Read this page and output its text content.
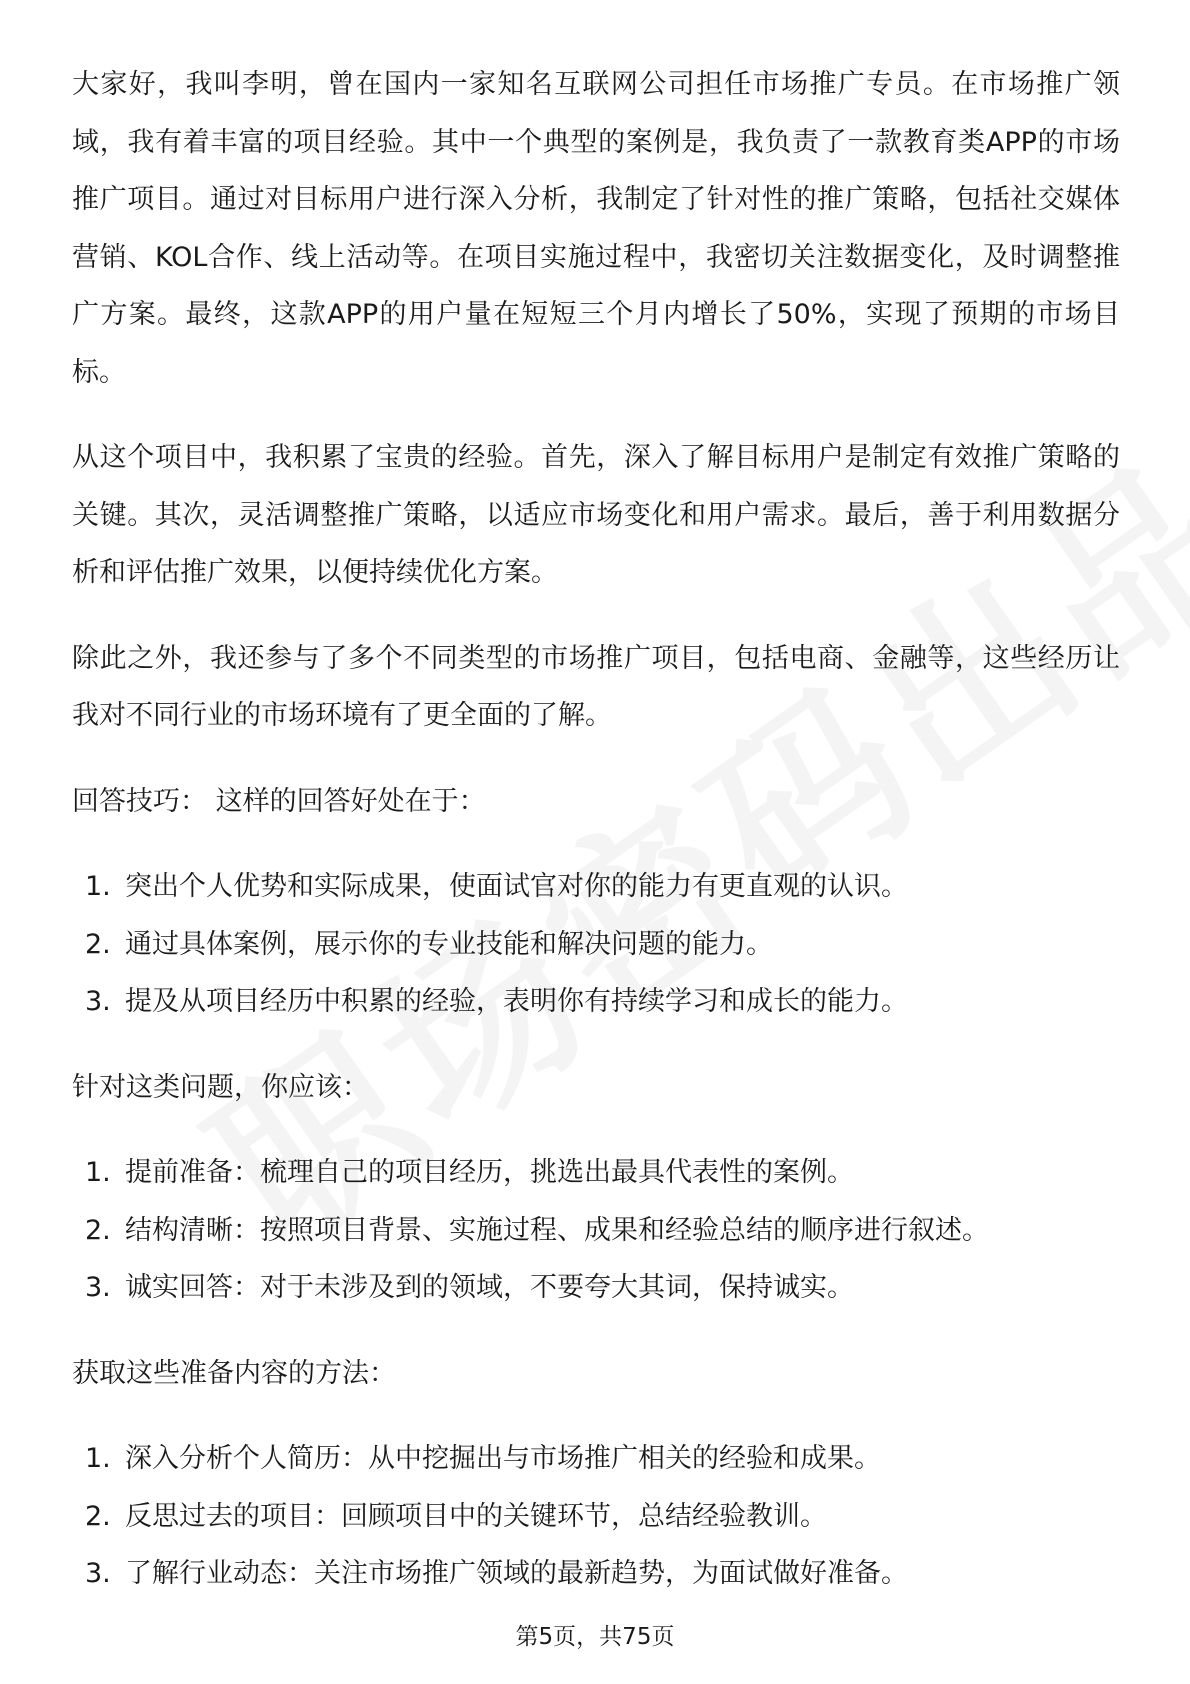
大家好，我叫李明，曾在国内一家知名互联网公司担任市场推广专员。在市场推广领域，我有着丰富的项目经验。其中一个典型的案例是，我负责了一款教育类APP的市场推广项目。通过对目标用户进行深入分析，我制定了针对性的推广策略，包括社交媒体营销、KOL合作、线上活动等。在项目实施过程中，我密切关注数据变化，及时调整推广方案。最终，这款APP的用户量在短短三个月内增长了50%，实现了预期的市场目标。

从这个项目中，我积累了宝贵的经验。首先，深入了解目标用户是制定有效推广策略的关键。其次，灵活调整推广策略，以适应市场变化和用户需求。最后，善于利用数据分析和评估推广效果，以便持续优化方案。

除此之外，我还参与了多个不同类型的市场推广项目，包括电商、金融等，这些经历让我对不同行业的市场环境有了更全面的了解。

回答技巧： 这样的回答好处在于：

1. 突出个人优势和实际成果，使面试官对你的能力有更直观的认识。
2. 通过具体案例，展示你的专业技能和解决问题的能力。
3. 提及从项目经历中积累的经验，表明你有持续学习和成长的能力。

针对这类问题，你应该：

1. 提前准备：梳理自己的项目经历，挑选出最具代表性的案例。
2. 结构清晰：按照项目背景、实施过程、成果和经验总结的顺序进行叙述。
3. 诚实回答：对于未涉及到的领域，不要夸大其词，保持诚实。

获取这些准备内容的方法：

1. 深入分析个人简历：从中挖掘出与市场推广相关的经验和成果。
2. 反思过去的项目：回顾项目中的关键环节，总结经验教训。
3. 了解行业动态：关注市场推广领域的最新趋势，为面试做好准备。
第5页，共75页
